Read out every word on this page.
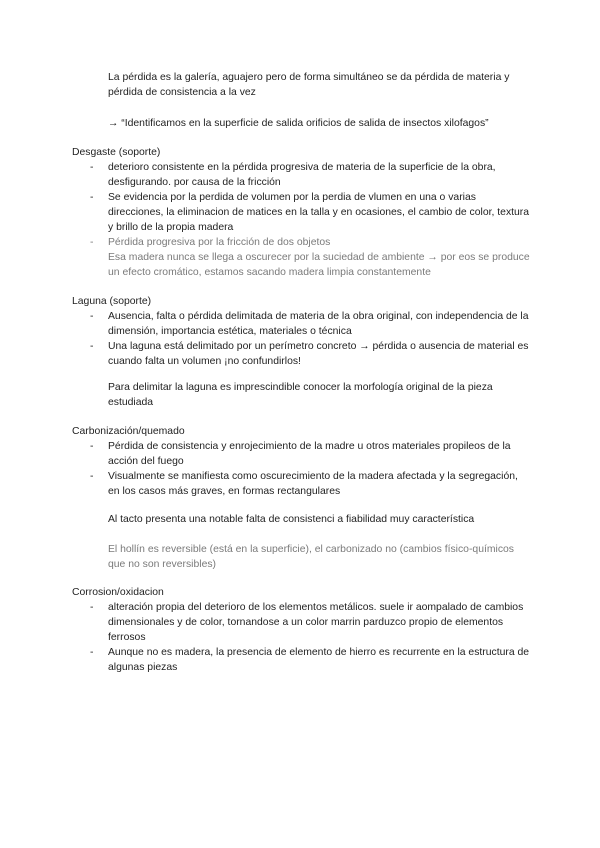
La pérdida es la galería, aguajero pero de forma simultáneo se da pérdida de materia y pérdida de consistencia a la vez

→ “Identificamos en la superficie de salida orificios de salida de insectos xilofagos”

Desgaste (soporte)

- deterioro consistente en la pérdida progresiva de materia de la superficie de la obra, desfigurando. por causa de la fricción
- Se evidencia por la perdida de volumen por la perdia de vlumen en una o varias direcciones, la eliminacion de matices en la talla y en ocasiones, el cambio de color, textura y brillo de la propia madera
- Pérdida progresiva por la fricción de dos objetos
Esa madera nunca se llega a oscurecer por la suciedad de ambiente → por eos se produce un efecto cromático, estamos sacando madera limpia constantemente

Laguna (soporte)

- Ausencia, falta o pérdida delimitada de materia de la obra original, con independencia de la dimensión, importancia estética, materiales o técnica
- Una laguna está delimitado por un perímetro concreto → pérdida o ausencia de material es cuando falta un volumen ¡no confundirlos!

Para delimitar la laguna es imprescindible conocer la morfología original de la pieza estudiada

Carbonización/quemado

- Pérdida de consistencia y enrojecimiento de la madre u otros materiales propileos de la acción del fuego
- Visualmente se manifiesta como oscurecimiento de la madera afectada y la segregación, en los casos más graves, en formas rectangulares

Al tacto presenta una notable falta de consistenci a fiabilidad muy característica

El hollín es reversible (está en la superficie), el carbonizado no (cambios físico-químicos que no son reversibles)

Corrosion/oxidacion

- alteración propia del deterioro de los elementos metálicos. suele ir aompalado de cambios dimensionales y de color, tornandose a un color marrin parduzco propio de elementos ferrosos
- Aunque no es madera, la presencia de elemento de hierro es recurrente en la estructura de algunas piezas
